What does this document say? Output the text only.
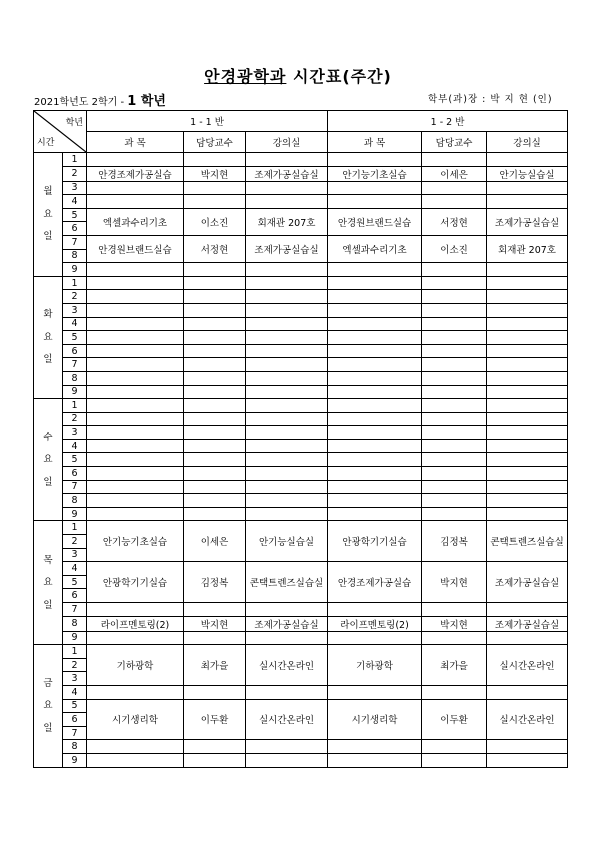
안경광학과 시간표(주간)
2021학년도 2학기 - 1 학년	학부(과)장 : 박 지 현 (인)
학년
시간		1 - 1 반			1 - 2 반		
		과 목	담당교수	강의실	과 목	담당교수	강의실

월
요
일	1						
	2	안경조제가공실습	박지현	조제가공실습실	안기능기초실습	이세은	안기능실습실
	3						
	4						
	5	엑셀과수리기초	이소진	회재관 207호	안경원브랜드실습	서정현	조제가공실습실
	6						
	7	안경원브랜드실습	서정현	조제가공실습실	엑셀과수리기초	이소진	회재관 207호
	8						
	9						

화
요
일	1						
	2						
	3						
	4						
	5						
	6						
	7						
	8						
	9						

수
요
일	1						
	2						
	3						
	4						
	5						
	6						
	7						
	8						
	9						

목
요
일	1	안기능기초실습	이세은	안기능실습실	안광학기기실습	김정복	콘택트렌즈실습실
	2						
	3						
	4	안광학기기실습	김정복	콘택트렌즈실습실	안경조제가공실습	박지현	조제가공실습실
	5						
	6						
	7						
	8	라이프멘토링(2)	박지현	조제가공실습실	라이프멘토링(2)	박지현	조제가공실습실
	9						

금
요
일	1	기하광학	최가을	실시간온라인	기하광학	최가을	실시간온라인
	2						
	3						
	4						
	5	시기생리학	이두환	실시간온라인	시기생리학	이두환	실시간온라인
	6						
	7						
	8						
	9						
